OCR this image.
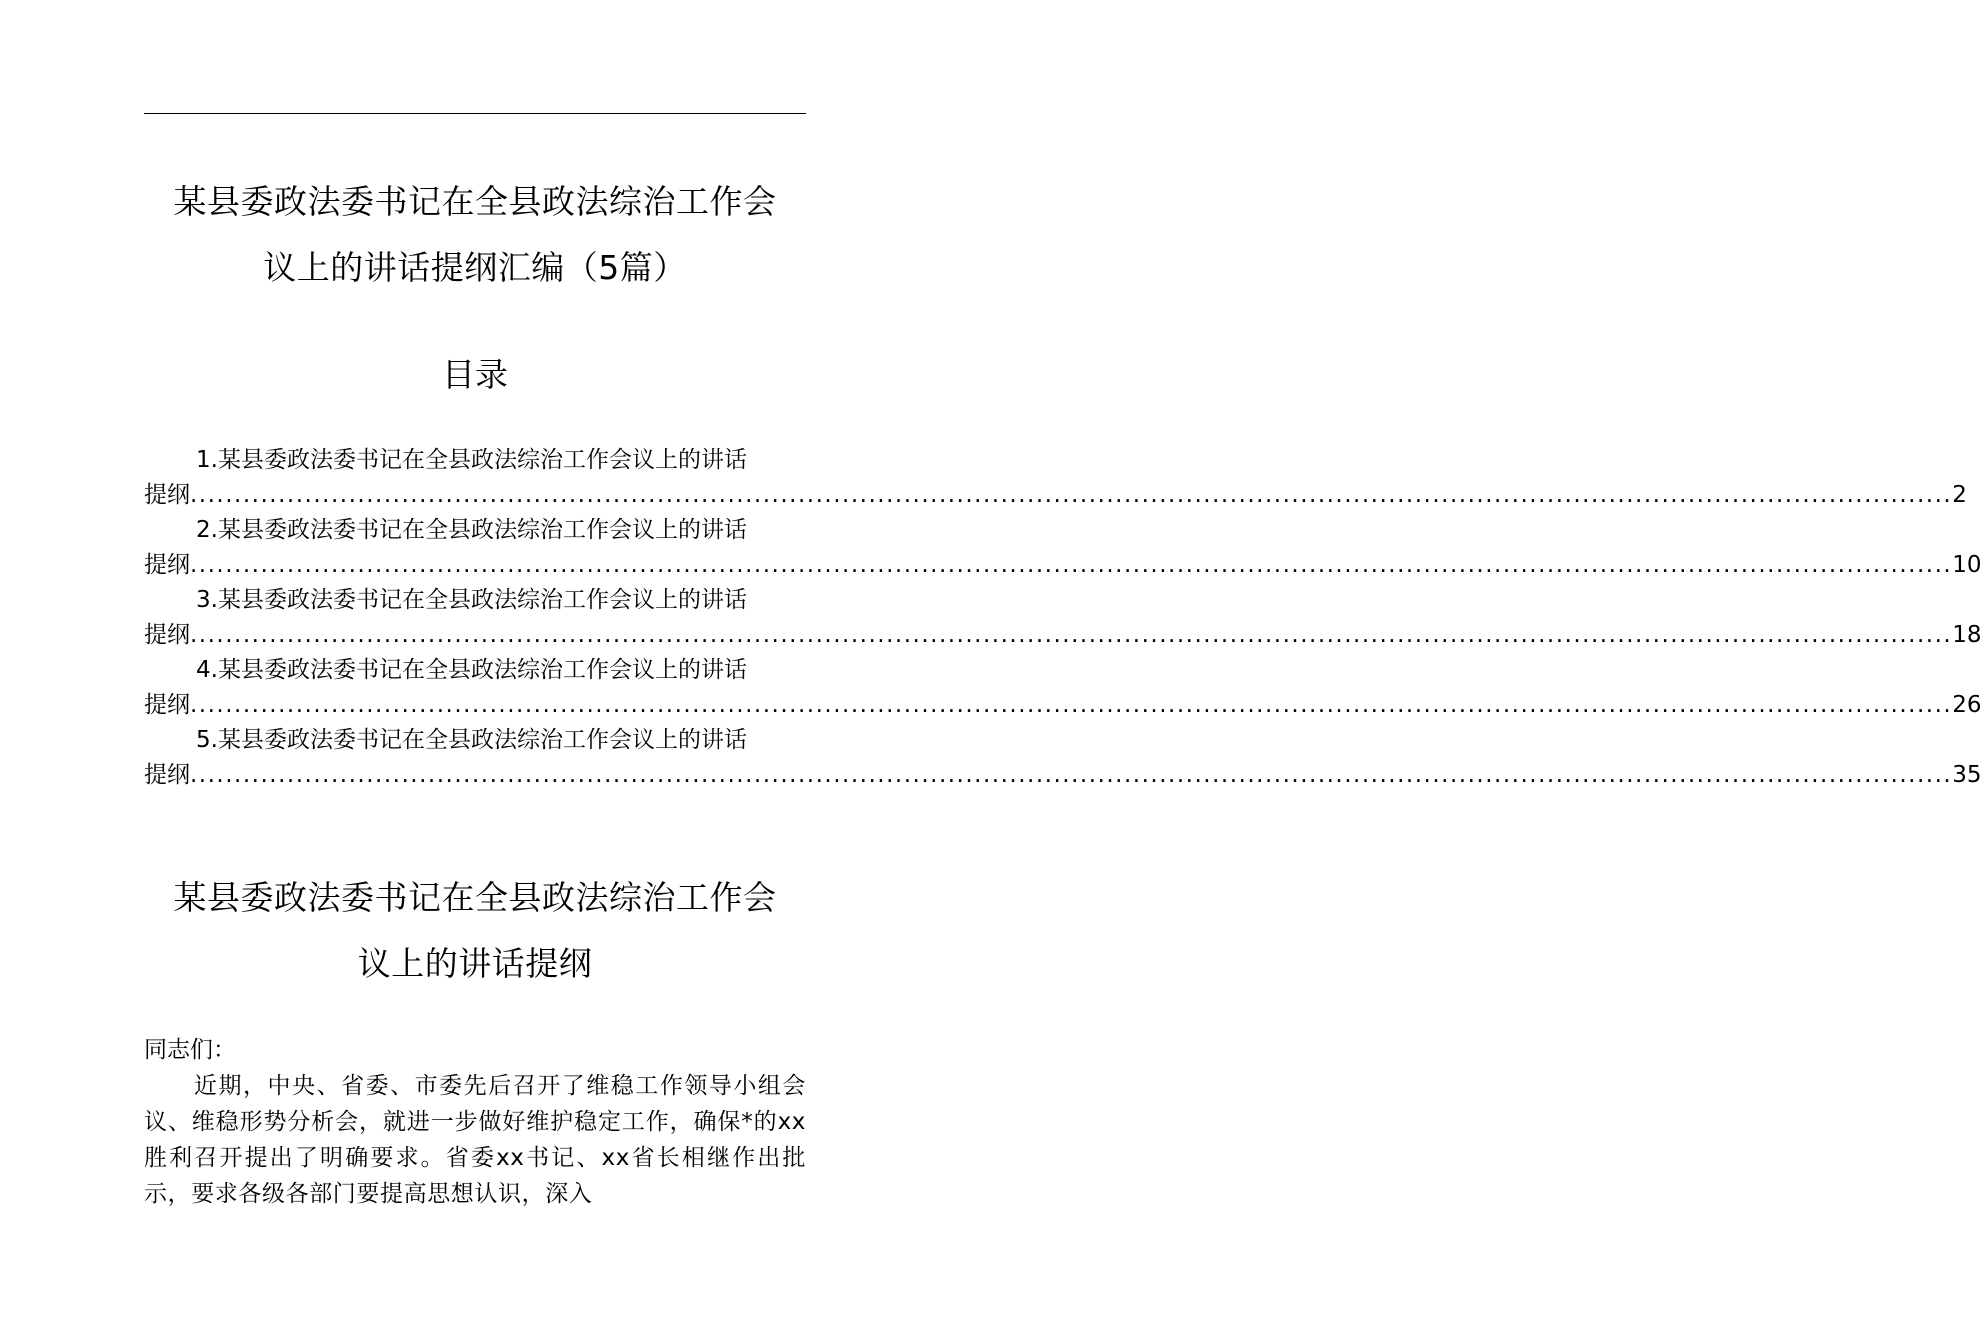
某县委政法委书记在全县政法综治工作会
议上的讲话提纲汇编（5篇）
目录
1.某县委政法委书记在全县政法综治工作会议上的讲话
提纲 ........................................................................................................................................................................................................ 2
2.某县委政法委书记在全县政法综治工作会议上的讲话
提纲 ........................................................................................................................................................................................................ 10
3.某县委政法委书记在全县政法综治工作会议上的讲话
提纲 ........................................................................................................................................................................................................ 18
4.某县委政法委书记在全县政法综治工作会议上的讲话
提纲 ........................................................................................................................................................................................................ 26
5.某县委政法委书记在全县政法综治工作会议上的讲话
提纲 ........................................................................................................................................................................................................ 35
某县委政法委书记在全县政法综治工作会
议上的讲话提纲
同志们：
近期，中央、省委、市委先后召开了维稳工作领导小组会议、维稳形势分析会，就进一步做好维护稳定工作，确保*的xx胜利召开提出了明确要求。省委xx书记、xx省长相继作出批示，要求各级各部门要提高思想认识，深入
